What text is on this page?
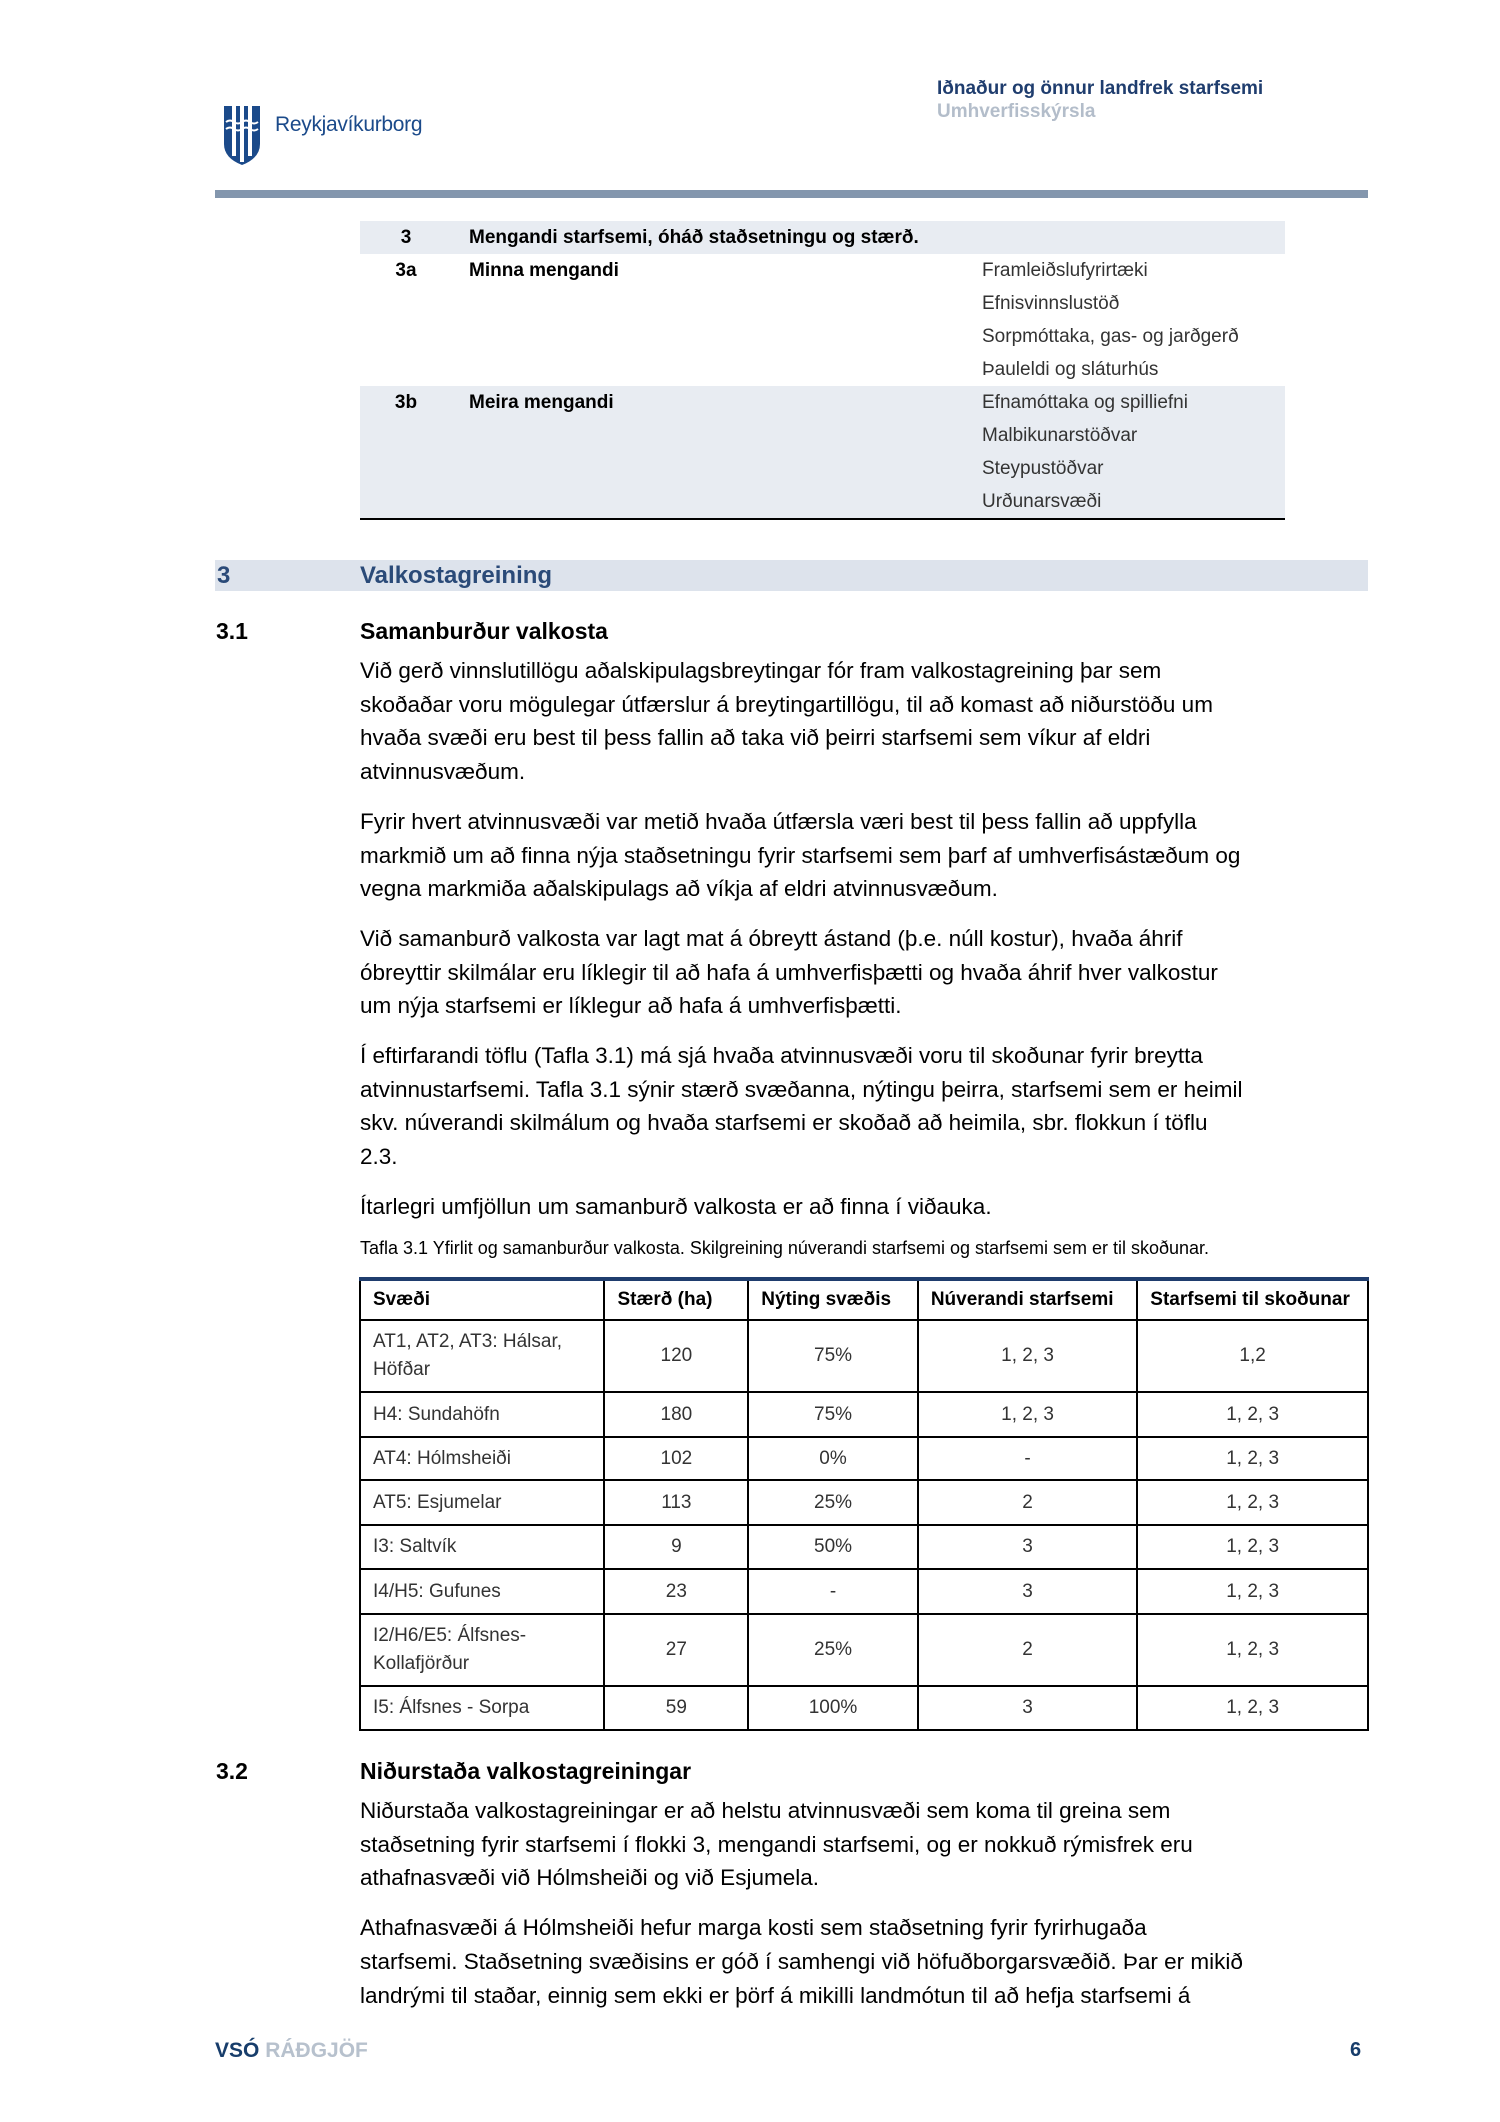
Reykjavíkurborg
Iðnaður og önnur landfrek starfsemi
Umhverfisskýrsla
3	Mengandi starfsemi, óháð staðsetningu og stærð.
3a	Minna mengandi	Framleiðslufyrirtæki
Efnisvinnslustöð
Sorpmóttaka, gas- og jarðgerð
Þauleldi og sláturhús
3b	Meira mengandi	Efnamóttaka og spilliefni
Malbikunarstöðvar
Steypustöðvar
Urðunarsvæði
3	Valkostagreining
3.1	Samanburður valkosta
Við gerð vinnslutillögu aðalskipulagsbreytingar fór fram valkostagreining þar sem
skoðaðar voru mögulegar útfærslur á breytingartillögu, til að komast að niðurstöðu um
hvaða svæði eru best til þess fallin að taka við þeirri starfsemi sem víkur af eldri
atvinnusvæðum.
Fyrir hvert atvinnusvæði var metið hvaða útfærsla væri best til þess fallin að uppfylla
markmið um að finna nýja staðsetningu fyrir starfsemi sem þarf af umhverfisástæðum og
vegna markmiða aðalskipulags að víkja af eldri atvinnusvæðum.
Við samanburð valkosta var lagt mat á óbreytt ástand (þ.e. núll kostur), hvaða áhrif
óbreyttir skilmálar eru líklegir til að hafa á umhverfisþætti og hvaða áhrif hver valkostur
um nýja starfsemi er líklegur að hafa á umhverfisþætti.
Í eftirfarandi töflu (Tafla 3.1) má sjá hvaða atvinnusvæði voru til skoðunar fyrir breytta
atvinnustarfsemi. Tafla 3.1 sýnir stærð svæðanna, nýtingu þeirra, starfsemi sem er heimil
skv. núverandi skilmálum og hvaða starfsemi er skoðað að heimila, sbr. flokkun í töflu
2.3.
Ítarlegri umfjöllun um samanburð valkosta er að finna í viðauka.
Tafla 3.1 Yfirlit og samanburður valkosta. Skilgreining núverandi starfsemi og starfsemi sem er til skoðunar.
Svæði	Stærð (ha)	Nýting svæðis	Núverandi starfsemi	Starfsemi til skoðunar
AT1, AT2, AT3: Hálsar, Höfðar	120	75%	1, 2, 3	1,2
H4: Sundahöfn	180	75%	1, 2, 3	1, 2, 3
AT4: Hólmsheiði	102	0%	-	1, 2, 3
AT5: Esjumelar	113	25%	2	1, 2, 3
I3: Saltvík	9	50%	3	1, 2, 3
I4/H5: Gufunes	23	-	3	1, 2, 3
I2/H6/E5: Álfsnes-Kollafjörður	27	25%	2	1, 2, 3
I5: Álfsnes - Sorpa	59	100%	3	1, 2, 3
3.2	Niðurstaða valkostagreiningar
Niðurstaða valkostagreiningar er að helstu atvinnusvæði sem koma til greina sem
staðsetning fyrir starfsemi í flokki 3, mengandi starfsemi, og er nokkuð rýmisfrek eru
athafnasvæði við Hólmsheiði og við Esjumela.
Athafnasvæði á Hólmsheiði hefur marga kosti sem staðsetning fyrir fyrirhugaða
starfsemi. Staðsetning svæðisins er góð í samhengi við höfuðborgarsvæðið. Þar er mikið
landrými til staðar, einnig sem ekki er þörf á mikilli landmótun til að hefja starfsemi á
VSÓ RÁÐGJÖF	6
